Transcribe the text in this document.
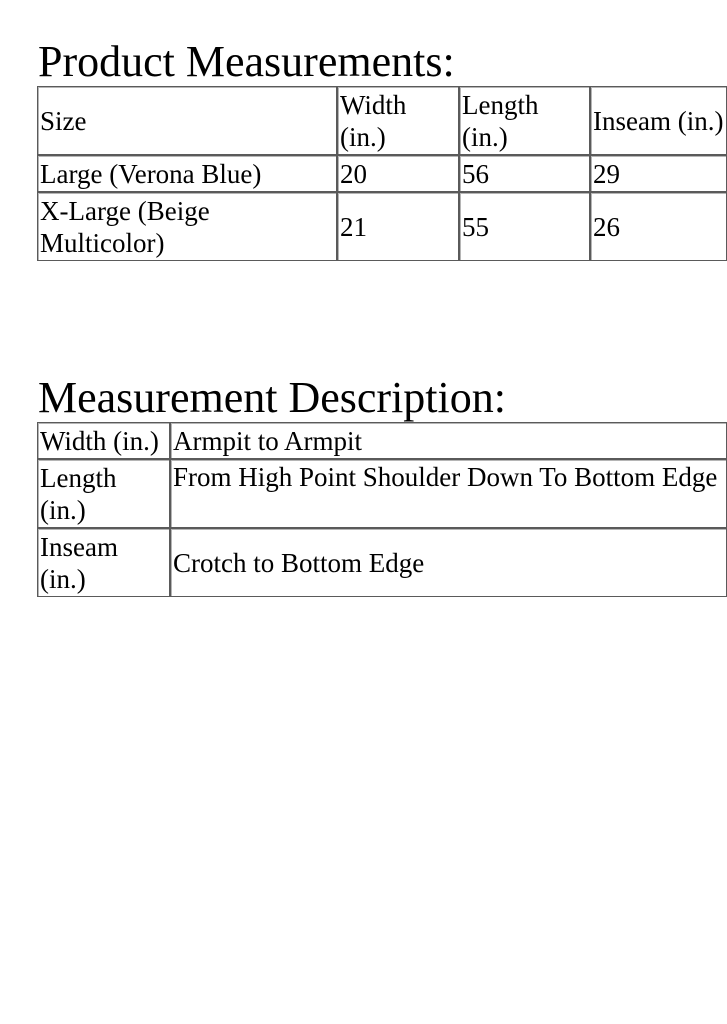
Product Measurements:
Size	Width (in.)	Length (in.)	Inseam (in.)
Large (Verona Blue)	20	56	29
X-Large (Beige Multicolor)	21	55	26
Measurement Description:
Width (in.)	Armpit to Armpit
Length (in.)	From High Point Shoulder Down To Bottom Edge
Inseam (in.)	Crotch to Bottom Edge
